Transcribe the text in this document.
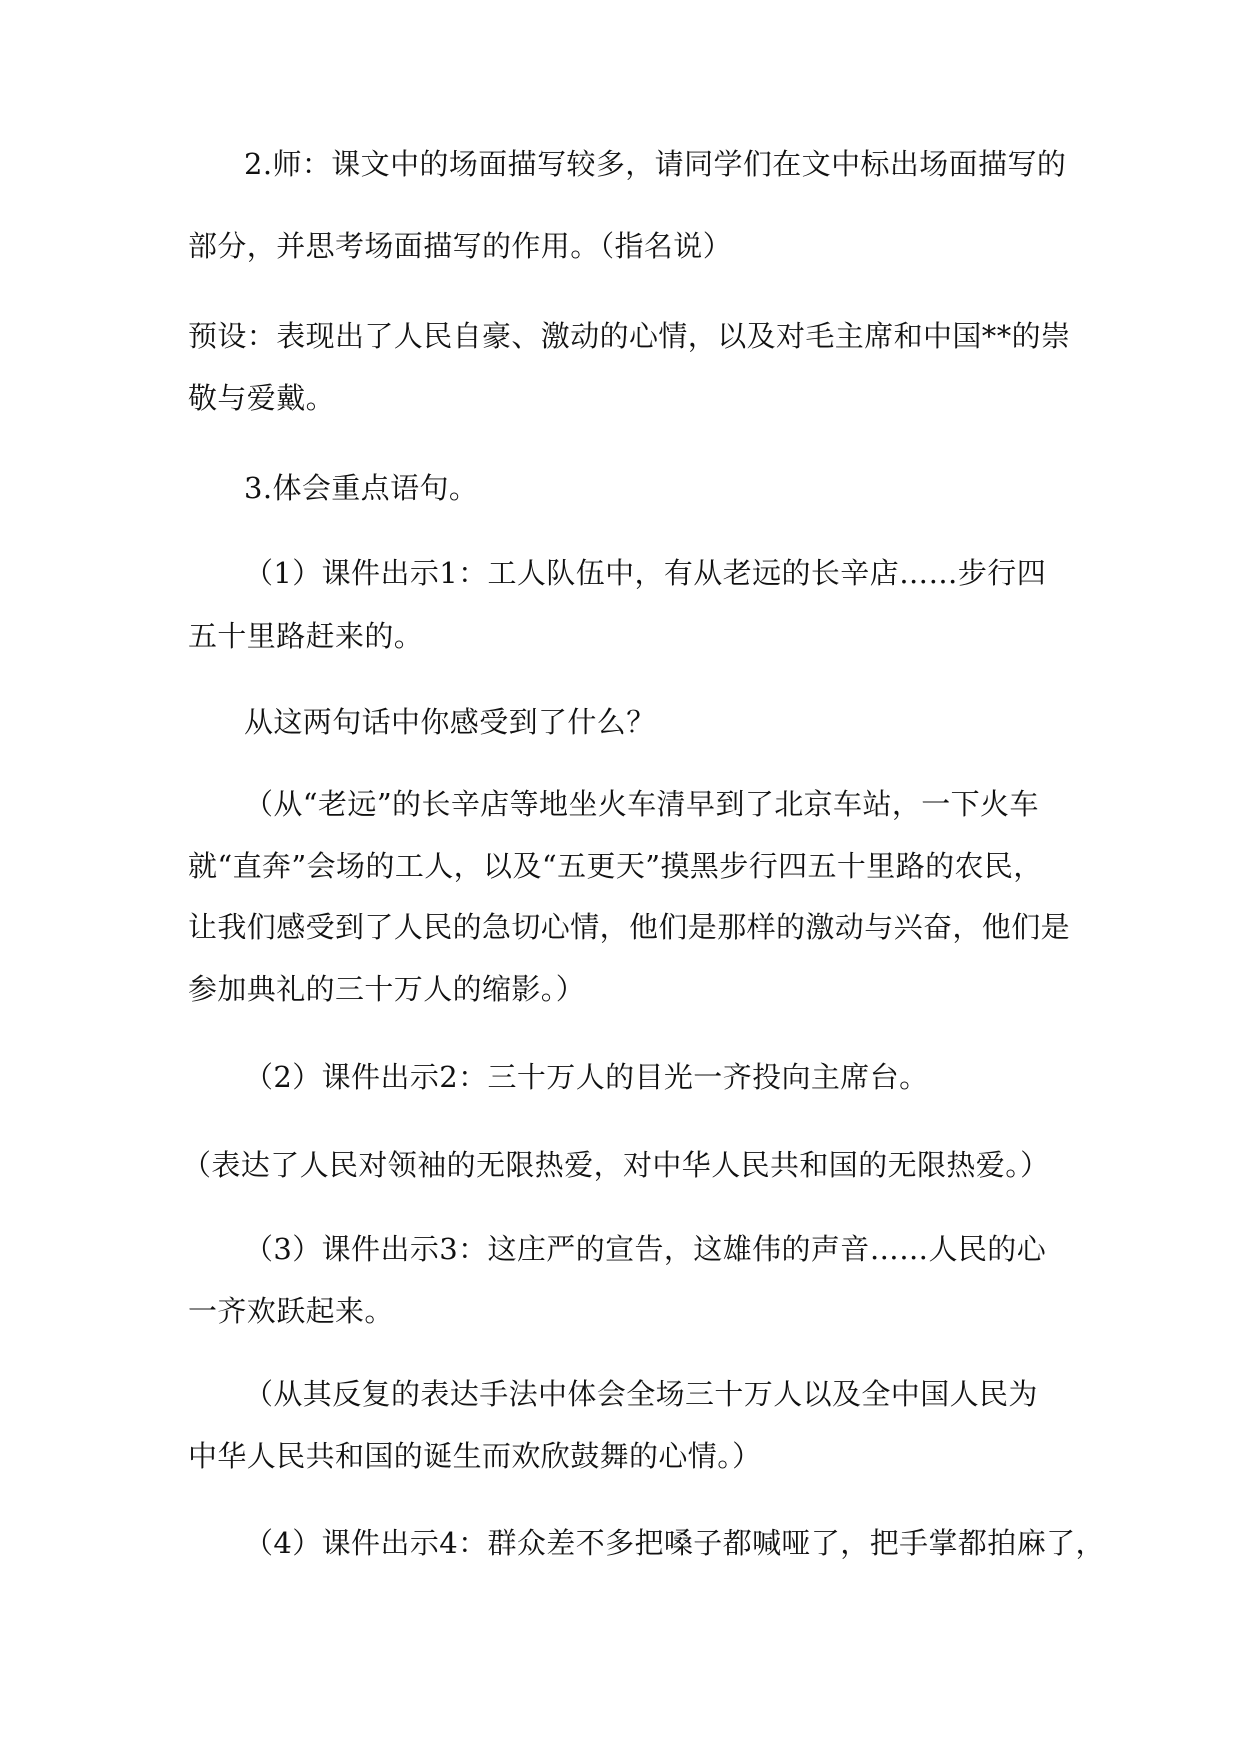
2.师：课文中的场面描写较多，请同学们在文中标出场面描写的
部分，并思考场面描写的作用。（指名说）
预设：表现出了人民自豪、激动的心情，以及对毛主席和中国**的崇
敬与爱戴。
3.体会重点语句。
（1）课件出示1：工人队伍中，有从老远的长辛店……步行四
五十里路赶来的。
从这两句话中你感受到了什么？
（从“老远”的长辛店等地坐火车清早到了北京车站，一下火车
就“直奔”会场的工人，以及“五更天”摸黑步行四五十里路的农民，
让我们感受到了人民的急切心情，他们是那样的激动与兴奋，他们是
参加典礼的三十万人的缩影。）
（2）课件出示2：三十万人的目光一齐投向主席台。
（表达了人民对领袖的无限热爱，对中华人民共和国的无限热爱。）
（3）课件出示3：这庄严的宣告，这雄伟的声音……人民的心
一齐欢跃起来。
（从其反复的表达手法中体会全场三十万人以及全中国人民为
中华人民共和国的诞生而欢欣鼓舞的心情。）
（4）课件出示4：群众差不多把嗓子都喊哑了，把手掌都拍麻了，
